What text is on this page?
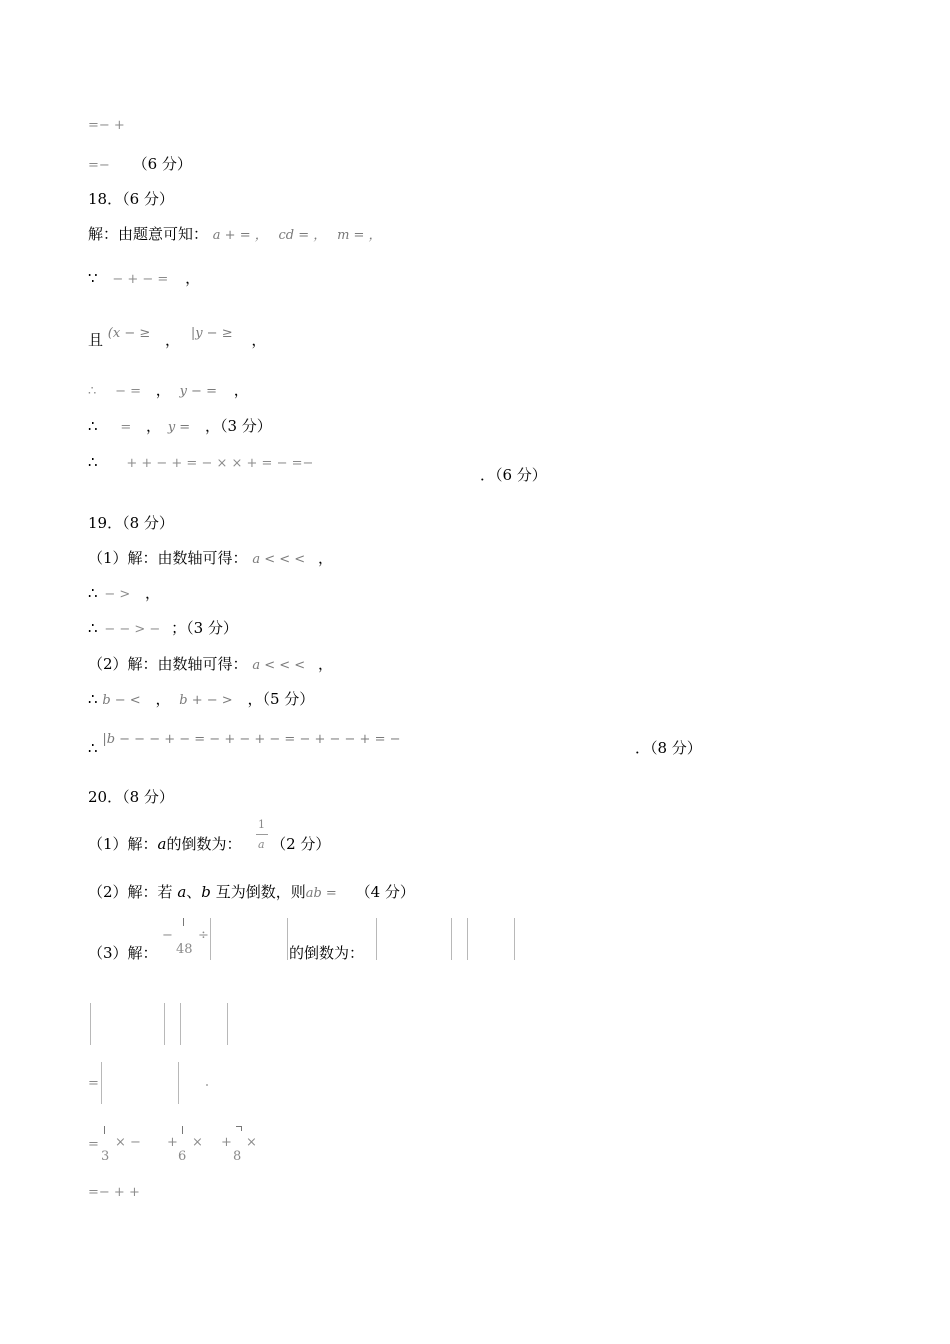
=− +
=− （6 分）
18．（6 分）
解：由题意可知： a + = ， cd = ， m = ，
∵ − + − = ，
且 (x − ≥ ， |y − ≥ ，
∴ − = ， y − = ，
∴ = ， y = ，（3 分）
∴ + + − + = − × × + = − =−
．（6 分）
19．（8 分）
（1）解：由数轴可得： a < < < ，
∴ − > ，
∴ − − > − ；（3 分）
（2）解：由数轴可得： a < < < ，
∴ b − < ， b + − > ，（5 分）
∴ |b − − − + − = − + − + − = − + − − + = −	．（8 分）
20．（8 分）
（1）解：a的倒数为： （2 分）
1
a
（2）解：若 a、b 互为倒数，则ab = （4 分）
（3）解：
−
48
÷
的倒数为：
=
=
3
× − +
6
× +
8
×
=− + +
